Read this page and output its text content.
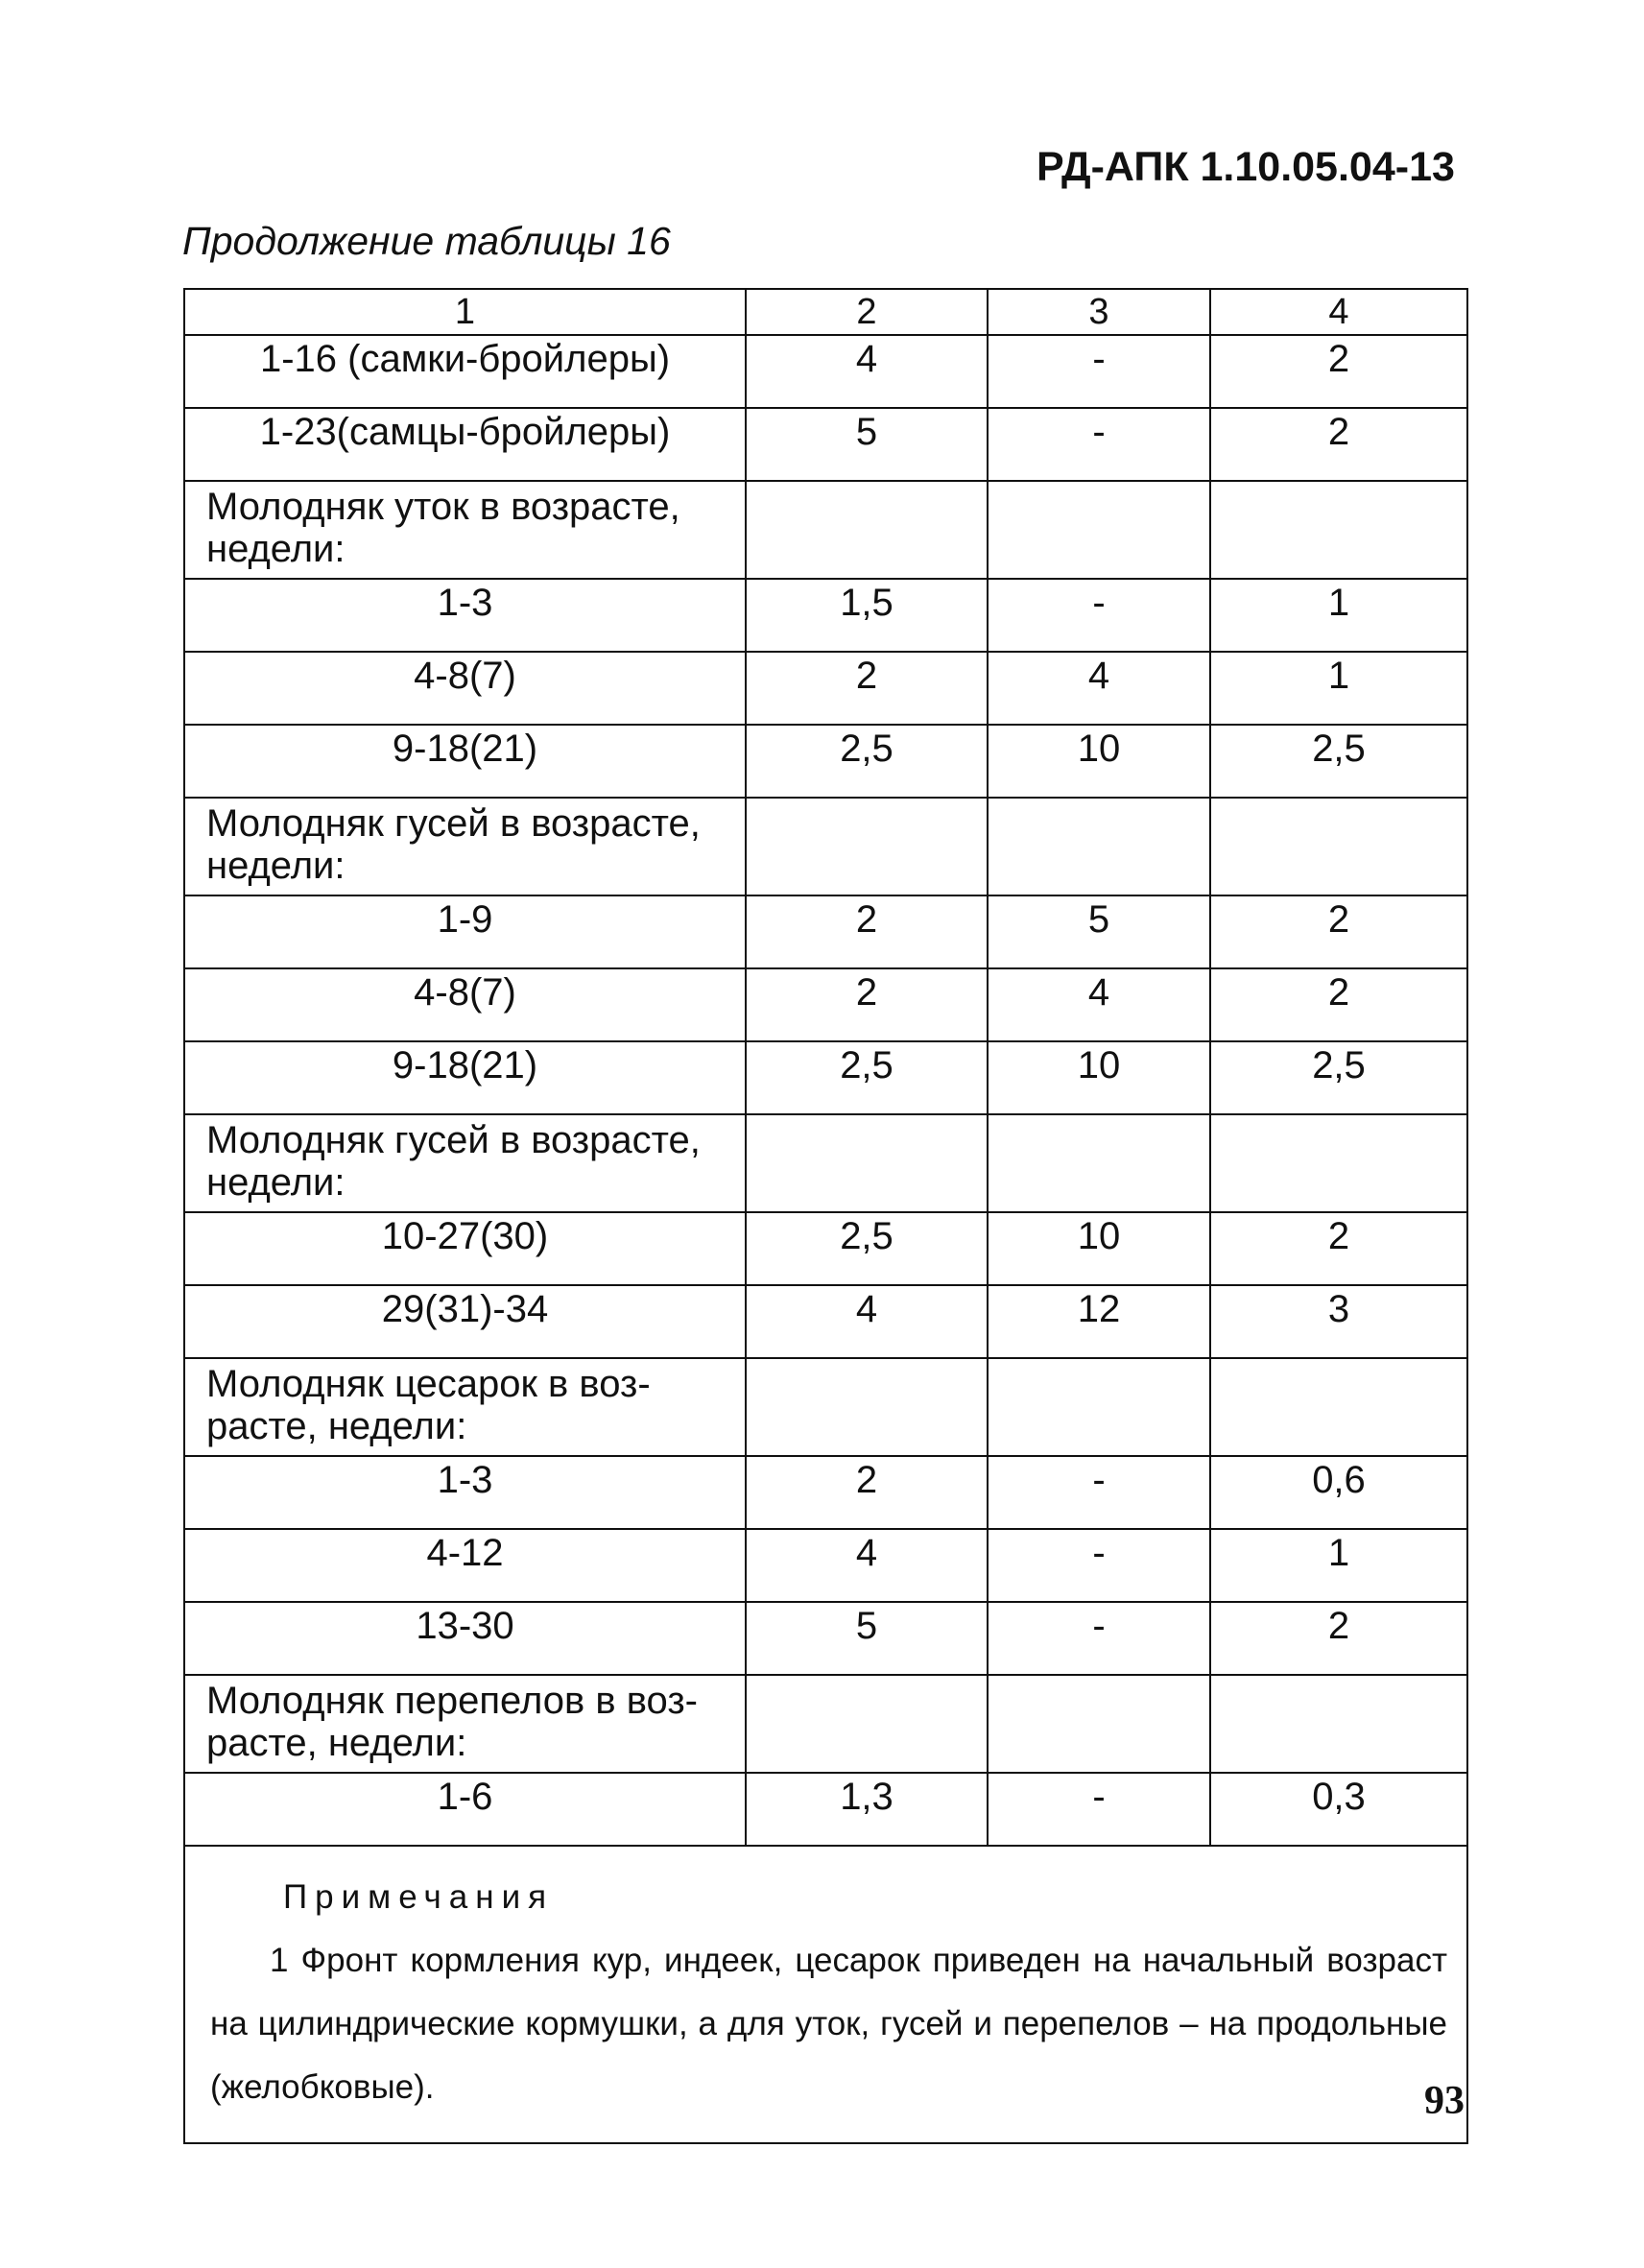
РД-АПК 1.10.05.04-13
Продолжение таблицы 16
1	2	3	4
1-16 (самки-бройлеры)	4	-	2
1-23(самцы-бройлеры)	5	-	2

Молодняк уток в возрасте,
недели:			

1-3	1,5	-	1
4-8(7)	2	4	1
9-18(21)	2,5	10	2,5

Молодняк гусей в возрасте,
недели:			

1-9	2	5	2
4-8(7)	2	4	2
9-18(21)	2,5	10	2,5

Молодняк гусей в возрасте,
недели:			

10-27(30)	2,5	10	2
29(31)-34	4	12	3

Молодняк цесарок в воз-
расте, недели:			

1-3	2	-	0,6
4-12	4	-	1
13-30	5	-	2

Молодняк перепелов в воз-
расте, недели:			

1-6	1,3	-	0,3

Примечания
1 Фронт кормления кур, индеек, цесарок приведен на начальный возраст на цилиндрические кормушки, а для уток, гусей и перепелов – на продольные (желобковые).				93
